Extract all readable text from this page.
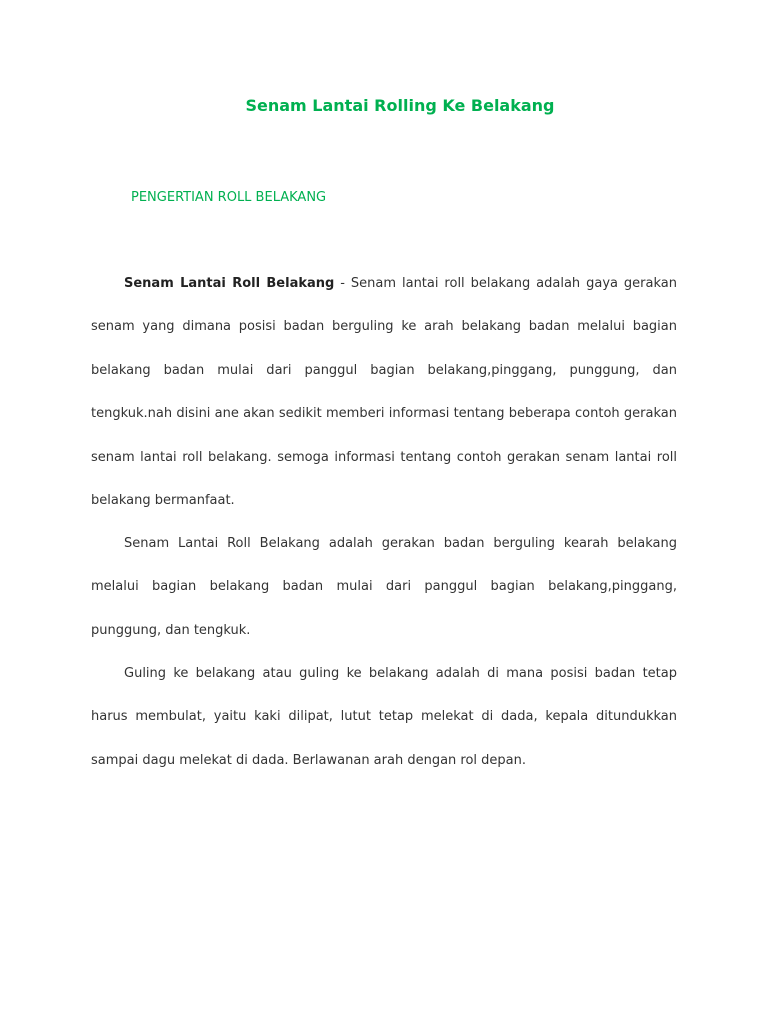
Senam Lantai Rolling Ke Belakang
PENGERTIAN ROLL BELAKANG

Senam Lantai Roll Belakang - Senam lantai roll belakang adalah gaya gerakan senam yang dimana posisi badan berguling ke arah belakang badan melalui bagian belakang badan mulai dari panggul bagian belakang,pinggang, punggung, dan tengkuk.nah disini ane akan sedikit memberi informasi tentang beberapa contoh gerakan senam lantai roll belakang. semoga informasi tentang contoh gerakan senam lantai roll belakang bermanfaat.

Senam Lantai Roll Belakang adalah gerakan badan berguling kearah belakang melalui bagian belakang badan mulai dari panggul bagian belakang,pinggang, punggung, dan tengkuk.

Guling ke belakang atau guling ke belakang adalah di mana posisi badan tetap harus membulat, yaitu kaki dilipat, lutut tetap melekat di dada, kepala ditundukkan sampai dagu melekat di dada. Berlawanan arah dengan rol depan.
